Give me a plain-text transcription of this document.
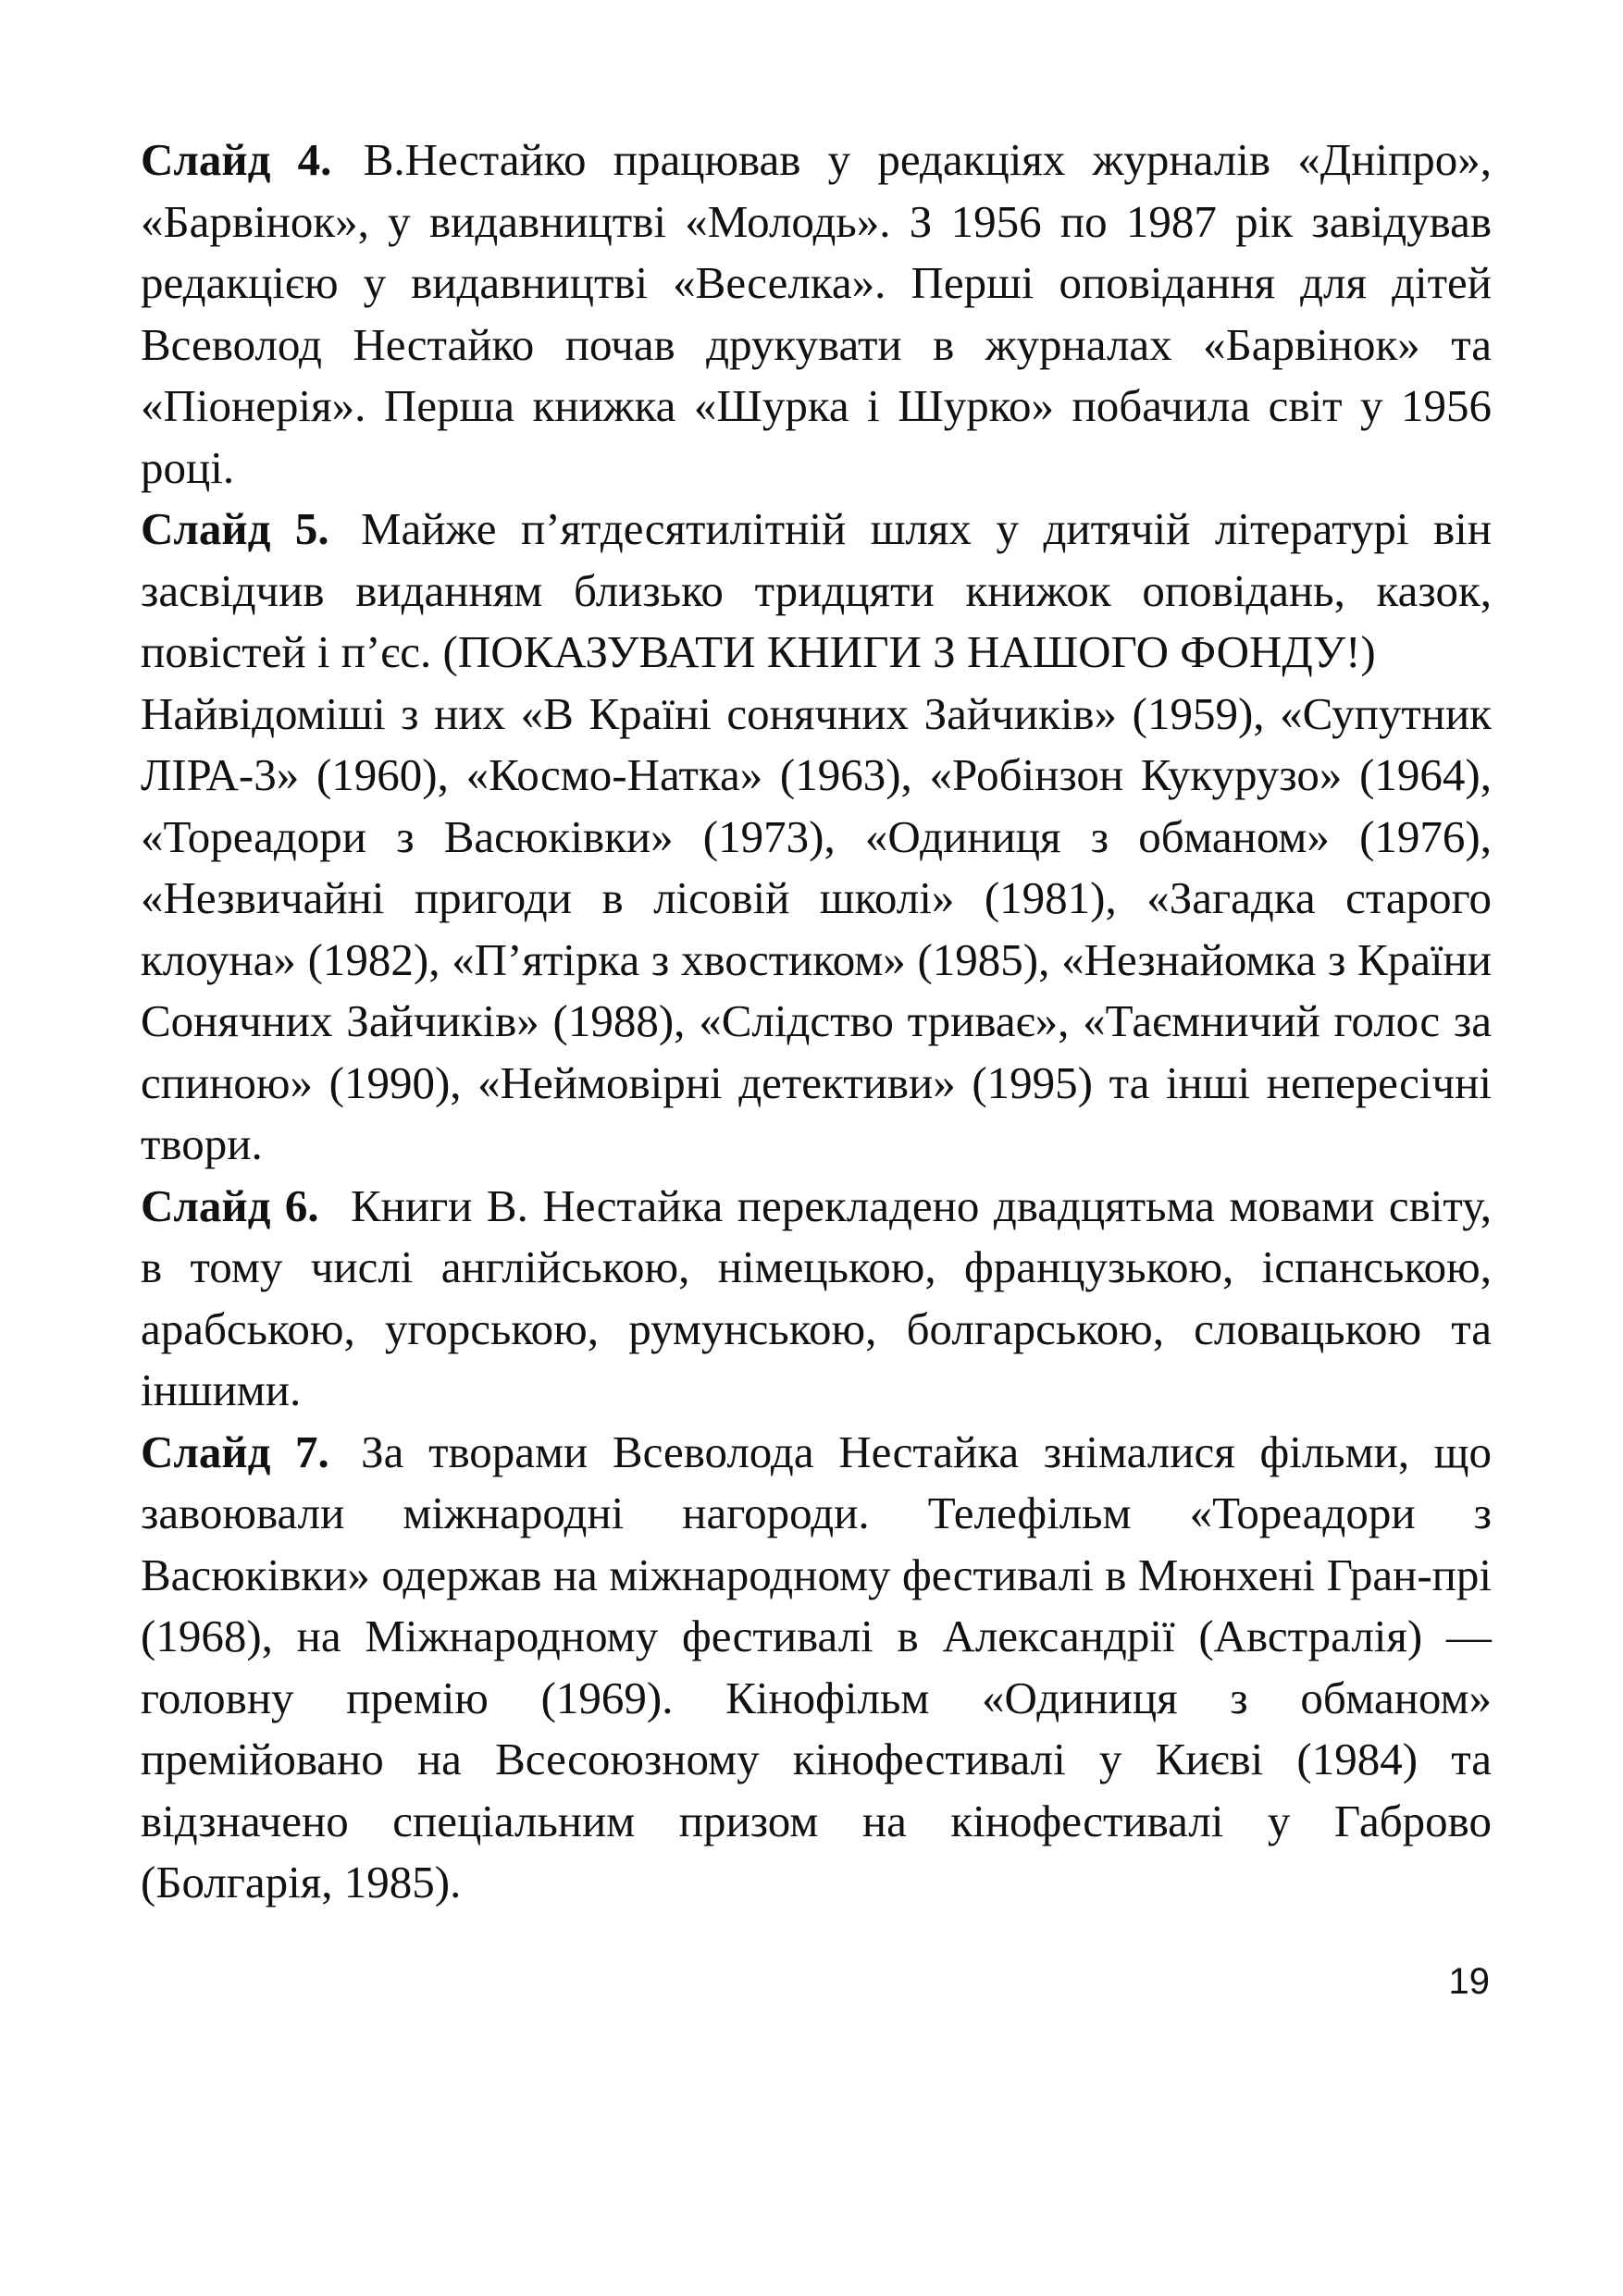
Слайд 4. В.Нестайко працював у редакціях журналів «Дніпро», «Барвінок», у видавництві «Молодь». З 1956 по 1987 рік завідував редакцією у видавництві «Веселка». Перші оповідання для дітей Всеволод Нестайко почав друкувати в журналах «Барвінок» та «Піонерія». Перша книжка «Шурка і Шурко» побачила світ у 1956 році.

Слайд 5. Майже п’ятдесятилітній шлях у дитячій літературі він засвідчив виданням близько тридцяти книжок оповідань, казок, повістей і п’єс. (ПОКАЗУВАТИ КНИГИ З НАШОГО ФОНДУ!)

Найвідоміші з них «В Країні сонячних Зайчиків» (1959), «Супутник ЛІРА-3» (1960), «Космо-Натка» (1963), «Робінзон Кукурузо» (1964), «Тореадори з Васюківки» (1973), «Одиниця з обманом» (1976), «Незвичайні пригоди в лісовій школі» (1981), «Загадка старого клоуна» (1982), «П’ятірка з хвостиком» (1985), «Незнайомка з Країни Сонячних Зайчиків» (1988), «Слідство триває», «Таємничий голос за спиною» (1990), «Неймовірні детективи» (1995) та інші непересічні твори.

Слайд 6. Книги В. Нестайка перекладено двадцятьма мовами світу, в тому числі англійською, німецькою, французькою, іспанською, арабською, угорською, румунською, болгарською, словацькою та іншими.

Слайд 7. За творами Всеволода Нестайка знімалися фільми, що завоювали міжнародні нагороди. Телефільм «Тореадори з Васюківки» одержав на міжнародному фестивалі в Мюнхені Гран-прі (1968), на Міжнародному фестивалі в Александрії (Австралія) — головну премію (1969). Кінофільм «Одиниця з обманом» премійовано на Всесоюзному кінофестивалі у Києві (1984) та відзначено спеціальним призом на кінофестивалі у Габрово (Болгарія, 1985).

19
